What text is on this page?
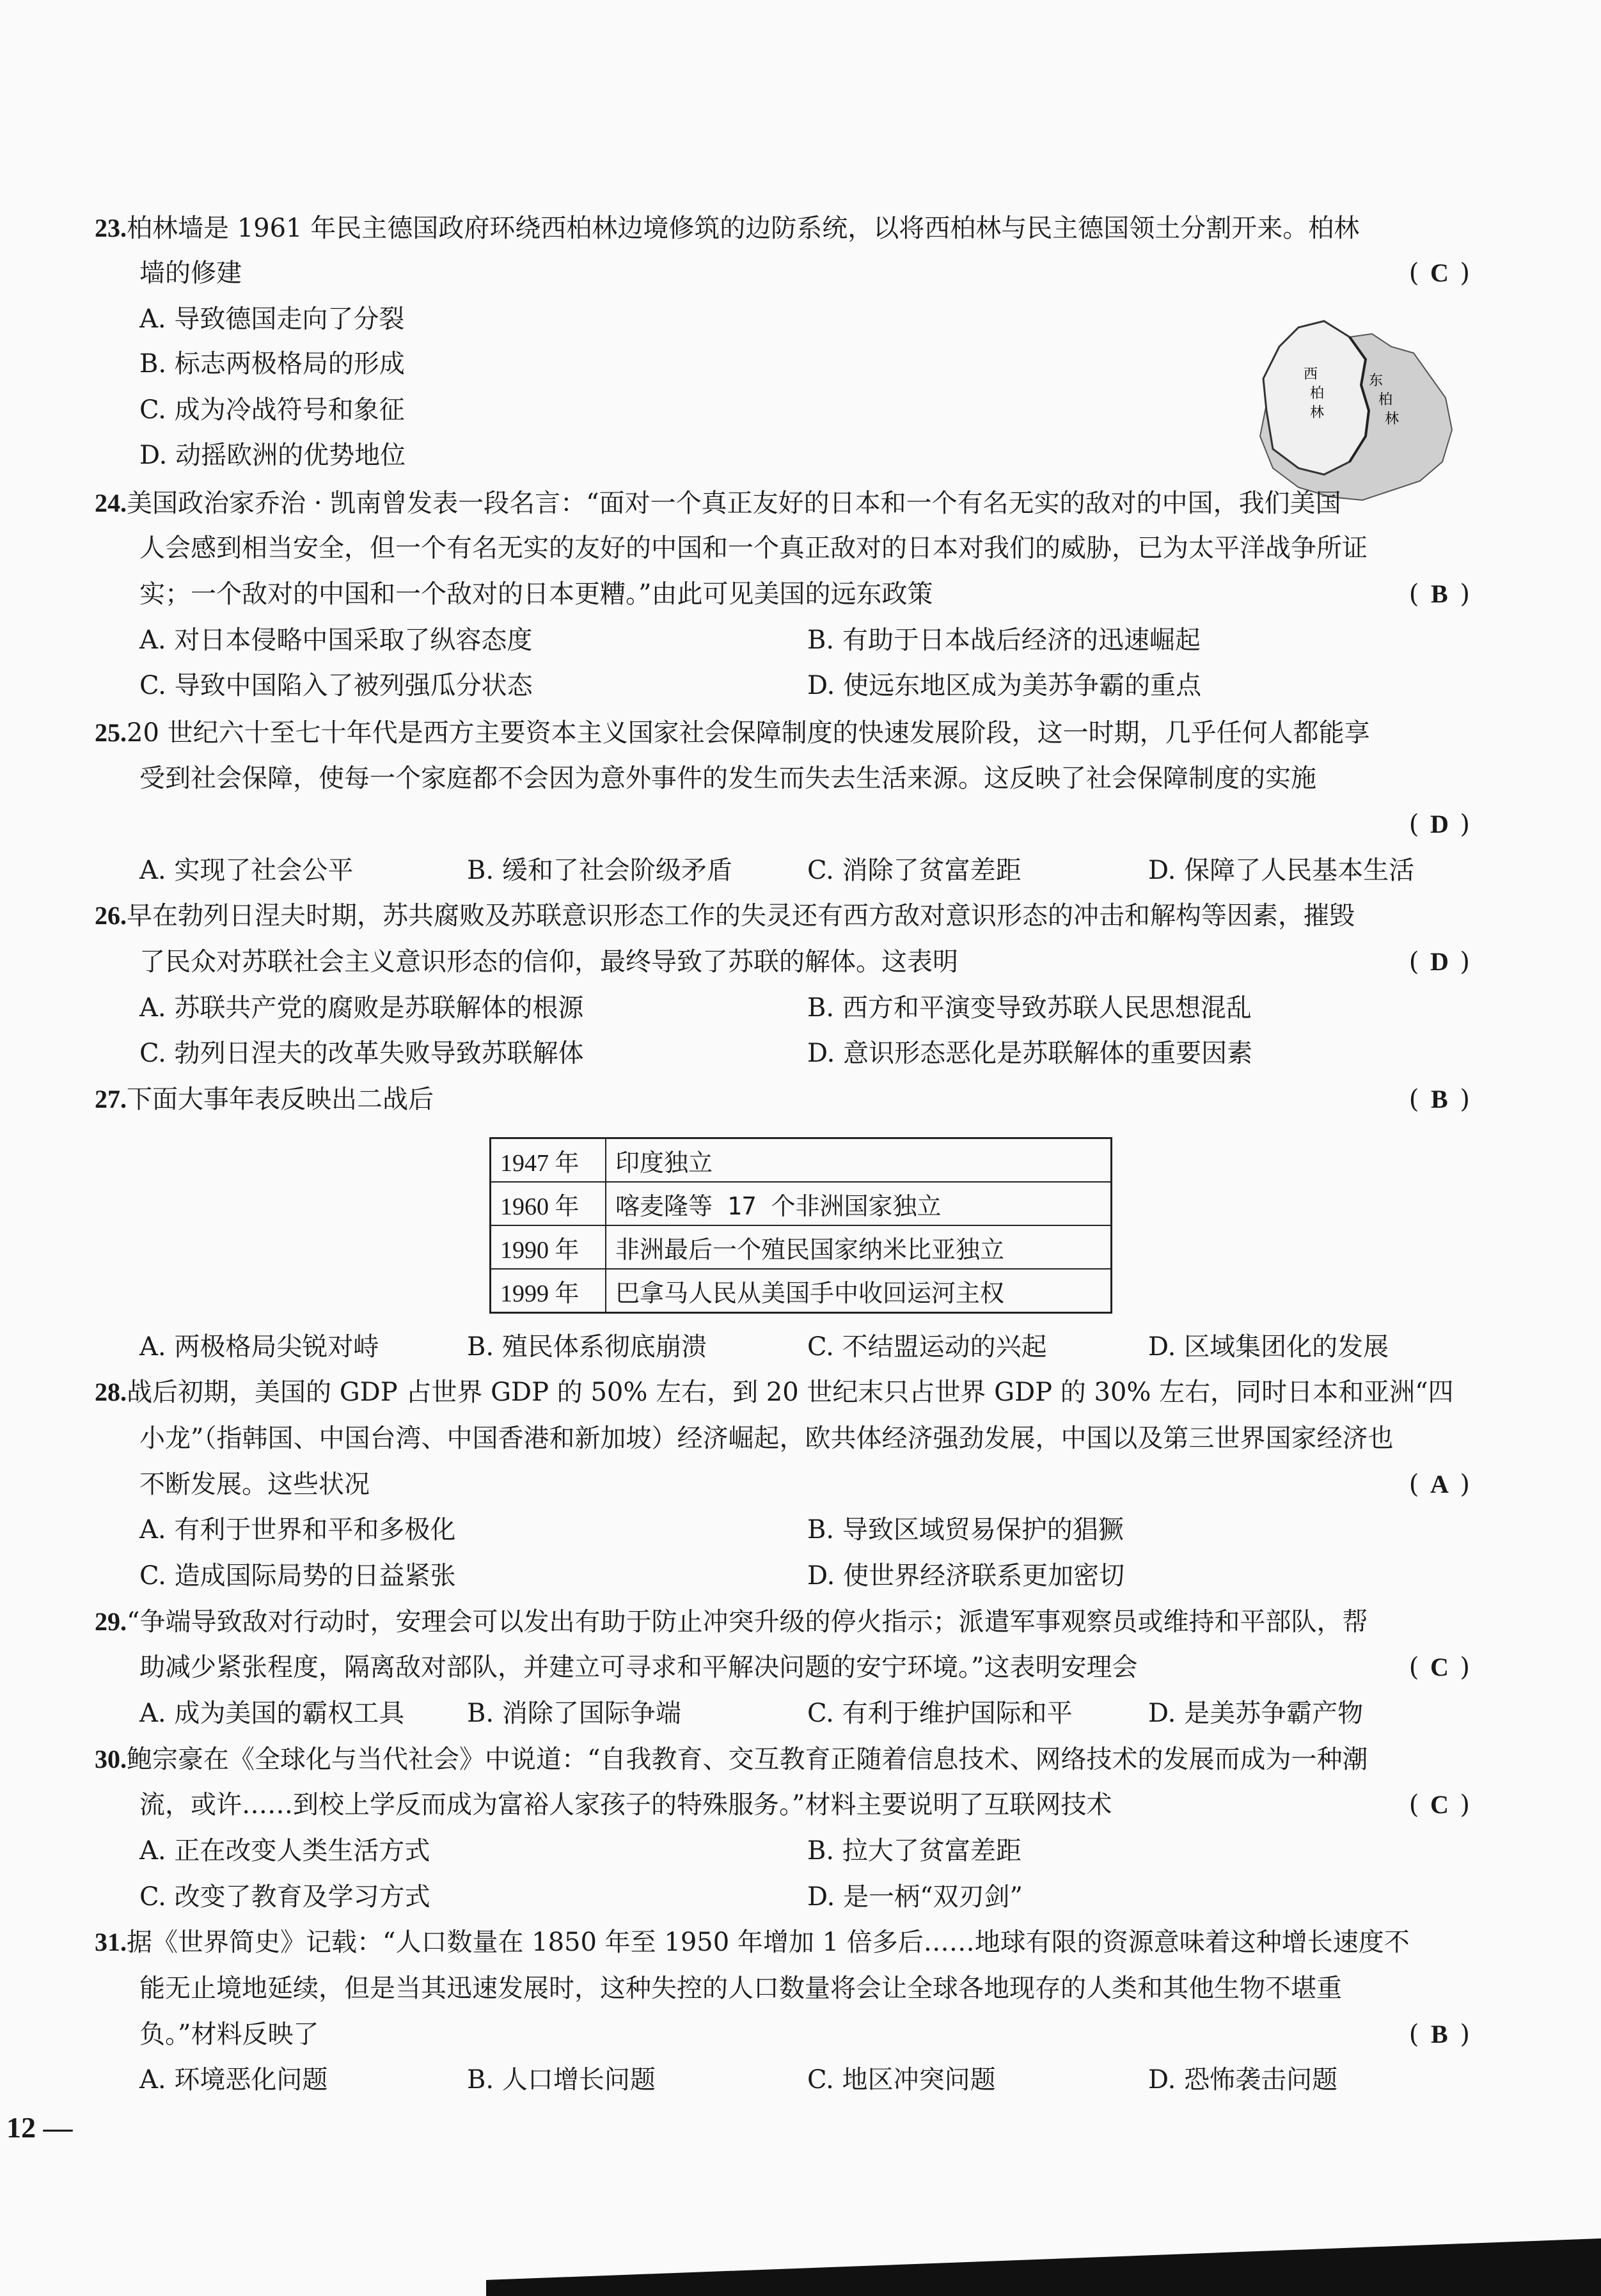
23.柏林墙是 1961 年民主德国政府环绕西柏林边境修筑的边防系统，以将西柏林与民主德国领土分割开来。柏林
墙的修建	( C )
A. 导致德国走向了分裂
B. 标志两极格局的形成
C. 成为冷战符号和象征
D. 动摇欧洲的优势地位
西
柏
林
东
柏
林
24.美国政治家乔治 · 凯南曾发表一段名言：“面对一个真正友好的日本和一个有名无实的敌对的中国，我们美国
人会感到相当安全，但一个有名无实的友好的中国和一个真正敌对的日本对我们的威胁，已为太平洋战争所证
实；一个敌对的中国和一个敌对的日本更糟。”由此可见美国的远东政策	( B )
A. 对日本侵略中国采取了纵容态度	B. 有助于日本战后经济的迅速崛起
C. 导致中国陷入了被列强瓜分状态	D. 使远东地区成为美苏争霸的重点
25.20 世纪六十至七十年代是西方主要资本主义国家社会保障制度的快速发展阶段，这一时期，几乎任何人都能享
受到社会保障，使每一个家庭都不会因为意外事件的发生而失去生活来源。这反映了社会保障制度的实施
( D )
A. 实现了社会公平	B. 缓和了社会阶级矛盾	C. 消除了贫富差距	D. 保障了人民基本生活
26.早在勃列日涅夫时期，苏共腐败及苏联意识形态工作的失灵还有西方敌对意识形态的冲击和解构等因素，摧毁
了民众对苏联社会主义意识形态的信仰，最终导致了苏联的解体。这表明	( D )
A. 苏联共产党的腐败是苏联解体的根源	B. 西方和平演变导致苏联人民思想混乱
C. 勃列日涅夫的改革失败导致苏联解体	D. 意识形态恶化是苏联解体的重要因素
27.下面大事年表反映出二战后	( B )
1947 年	印度独立
1960 年	喀麦隆等 17 个非洲国家独立
1990 年	非洲最后一个殖民国家纳米比亚独立
1999 年	巴拿马人民从美国手中收回运河主权
A. 两极格局尖锐对峙	B. 殖民体系彻底崩溃	C. 不结盟运动的兴起	D. 区域集团化的发展
28.战后初期，美国的 GDP 占世界 GDP 的 50% 左右，到 20 世纪末只占世界 GDP 的 30% 左右，同时日本和亚洲“四
小龙”（指韩国、中国台湾、中国香港和新加坡）经济崛起，欧共体经济强劲发展，中国以及第三世界国家经济也
不断发展。这些状况	( A )
A. 有利于世界和平和多极化	B. 导致区域贸易保护的猖獗
C. 造成国际局势的日益紧张	D. 使世界经济联系更加密切
29.“争端导致敌对行动时，安理会可以发出有助于防止冲突升级的停火指示；派遣军事观察员或维持和平部队，帮
助减少紧张程度，隔离敌对部队，并建立可寻求和平解决问题的安宁环境。”这表明安理会	( C )
A. 成为美国的霸权工具 B. 消除了国际争端	C. 有利于维护国际和平	D. 是美苏争霸产物
30.鲍宗豪在《全球化与当代社会》中说道：“自我教育、交互教育正随着信息技术、网络技术的发展而成为一种潮
流，或许……到校上学反而成为富裕人家孩子的特殊服务。”材料主要说明了互联网技术	( C )
A. 正在改变人类生活方式	B. 拉大了贫富差距
C. 改变了教育及学习方式	D. 是一柄“双刃剑”
31.据《世界简史》记载：“人口数量在 1850 年至 1950 年增加 1 倍多后……地球有限的资源意味着这种增长速度不
能无止境地延续，但是当其迅速发展时，这种失控的人口数量将会让全球各地现存的人类和其他生物不堪重
负。”材料反映了	( B )
A. 环境恶化问题	B. 人口增长问题	C. 地区冲突问题	D. 恐怖袭击问题
12 —
